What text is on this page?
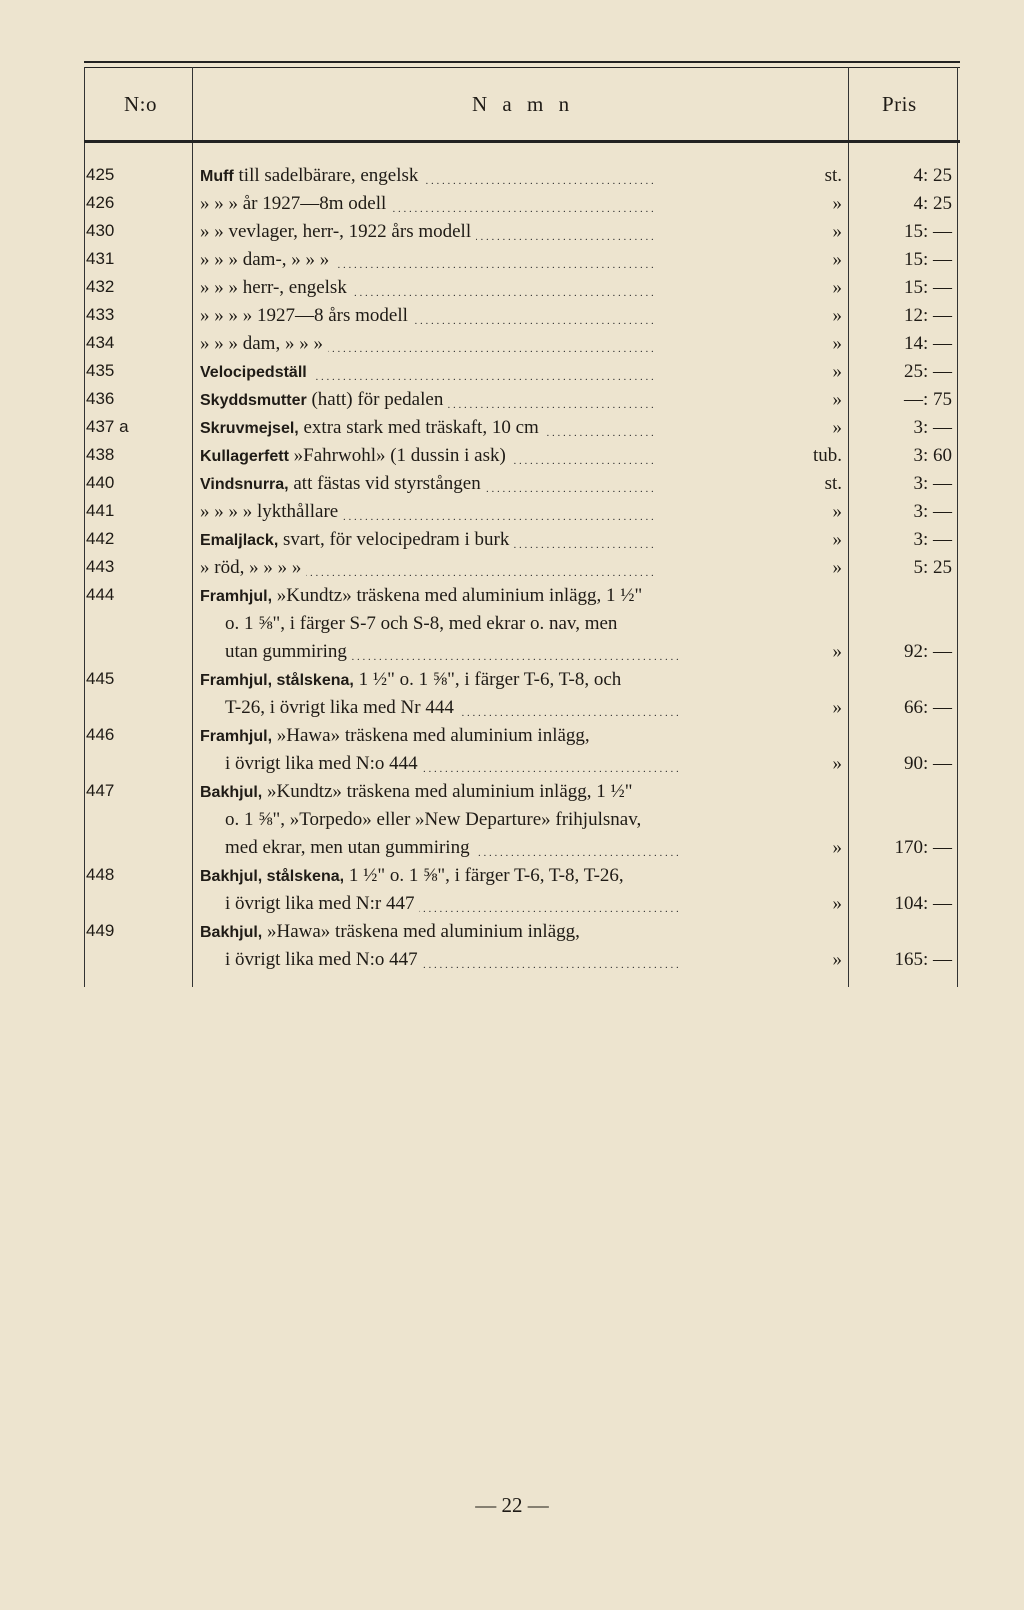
N:o	N a m n	Pris
425	Muff till sadelbärare, engelsk . . .	st.	4: 25
426	» » » år 1927—8m odell . . .	»	4: 25
430	» » vevlager, herr-, 1922 års modell . . .	»	15: —
431	» » » dam-, » » » . . .	»	15: —
432	» » » herr-, engelsk . . .	»	15: —
433	» » » » 1927—8 års modell . . .	»	12: —
434	» » » dam, » » » . . .	»	14: —
435	Velocipedställ . . .	»	25: —
436	Skyddsmutter (hatt) för pedalen . . .	»	—: 75
437 a	Skruvmejsel, extra stark med träskaft, 10 cm . . .	»	3: —
438	Kullagerfett »Fahrwohl» (1 dussin i ask) . . .	tub.	3: 60
440	Vindsnurra, att fästas vid styrstången . . .	st.	3: —
441	» » » » lykthållare . . .	»	3: —
442	Emaljlack, svart, för velocipedram i burk . . .	»	3: —
443	» röd, » » » » . . .	»	5: 25
444	Framhjul, »Kundtz» träskena med aluminium inlägg, 1 ½"
o. 1 ⅝", i färger S-7 och S-8, med ekrar o. nav, men
utan gummiring . . .	»	92: —
445	Framhjul, stålskena, 1 ½" o. 1 ⅝", i färger T-6, T-8, och
T-26, i övrigt lika med Nr 444 . . .	»	66: —
446	Framhjul, »Hawa» träskena med aluminium inlägg,
i övrigt lika med N:o 444 . . .	»	90: —
447	Bakhjul, »Kundtz» träskena med aluminium inlägg, 1 ½"
o. 1 ⅝", »Torpedo» eller »New Departure» frihjulsnav,
med ekrar, men utan gummiring . . .	»	170: —
448	Bakhjul, stålskena, 1 ½" o. 1 ⅝", i färger T-6, T-8, T-26,
i övrigt lika med N:r 447 . . .	»	104: —
449	Bakhjul, »Hawa» träskena med aluminium inlägg,
i övrigt lika med N:o 447 . . .	»	165: —
— 22 —
